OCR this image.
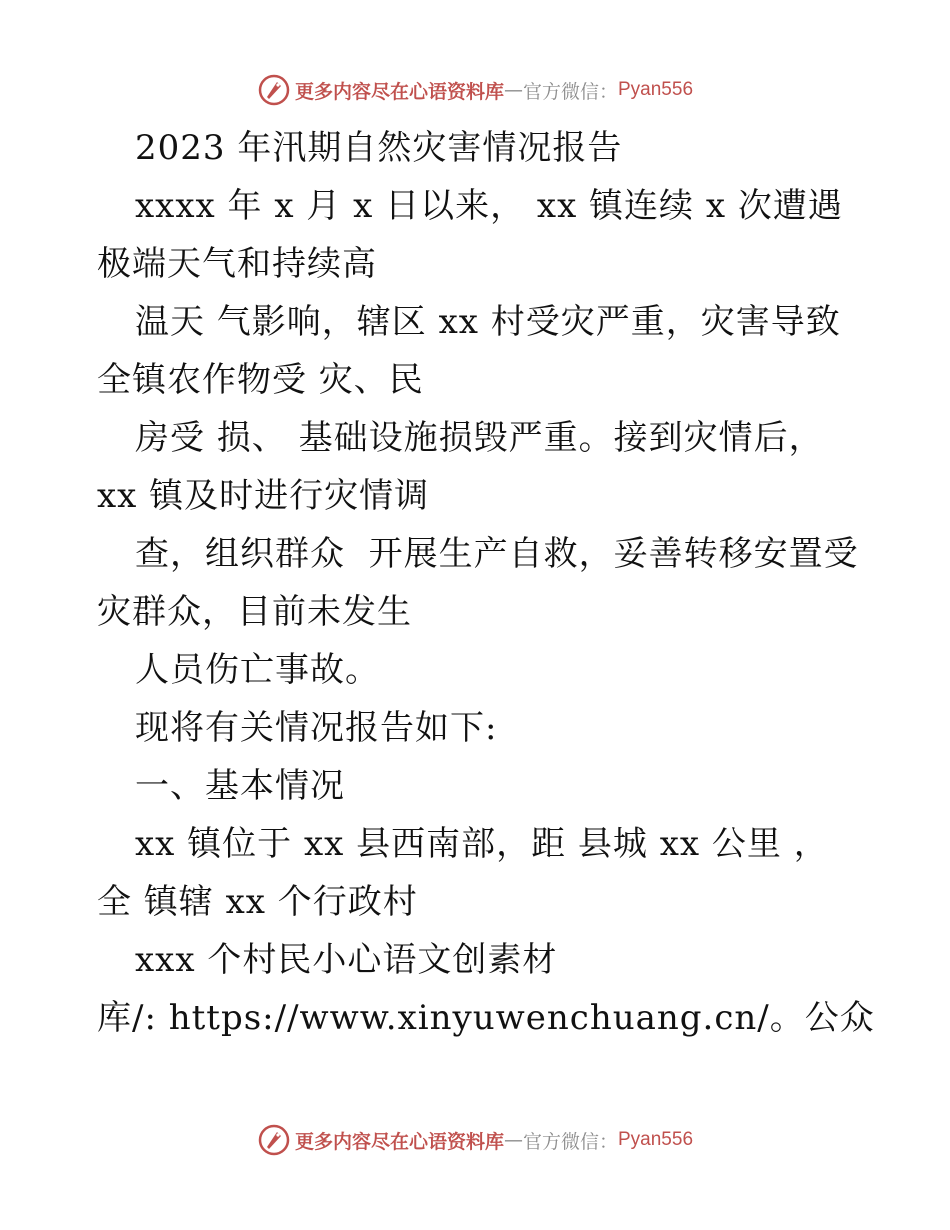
更多内容尽在心语资料库 — 官方微信： Pyan556
2023 年汛期自然灾害情况报告
xxxx 年 x 月 x 日以来， xx 镇连续 x 次遭遇
极端天气和持续高
温天 气影响，辖区 xx 村受灾严重，灾害导致
全镇农作物受 灾、民
房受 损、 基础设施损毁严重。接到灾情后，
xx 镇及时进行灾情调
查，组织群众  开展生产自救，妥善转移安置受
灾群众，目前未发生
人员伤亡事故。
现将有关情况报告如下:
一、基本情况
xx 镇位于 xx 县西南部，距 县城 xx 公里 ，
全 镇辖 xx 个行政村
xxx 个村民小心语文创素材
库/: https://www.xinyuwenchuang.cn/。公众
更多内容尽在心语资料库 — 官方微信： Pyan556
